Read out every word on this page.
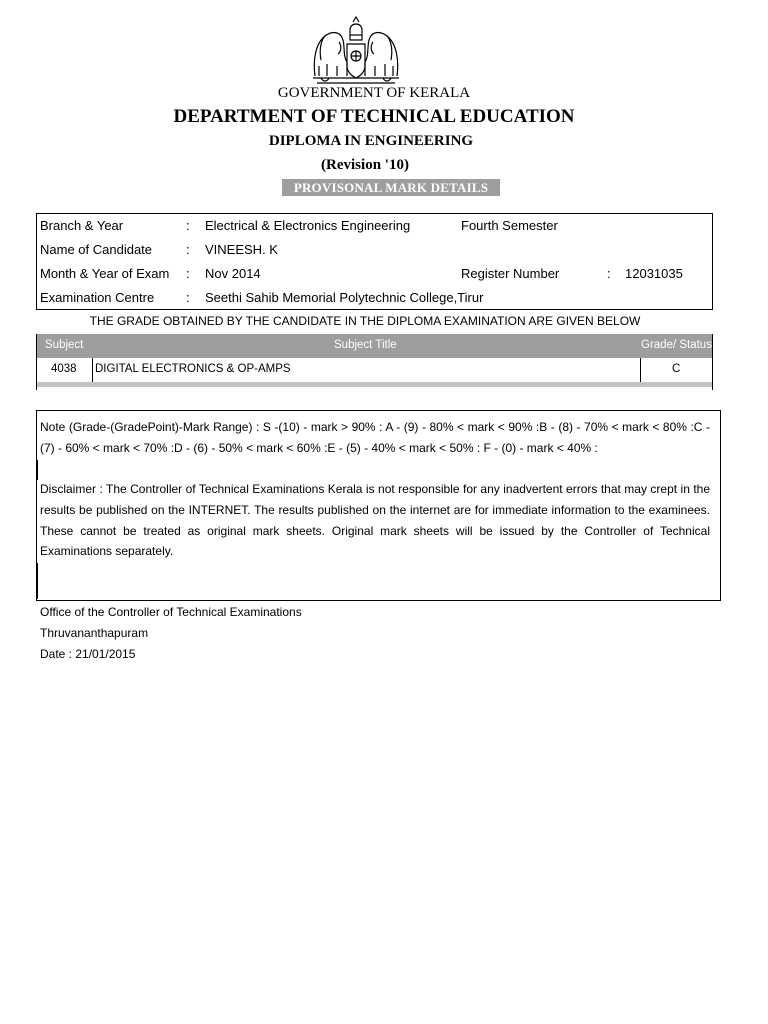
GOVERNMENT OF KERALA
DEPARTMENT OF TECHNICAL EDUCATION
DIPLOMA IN ENGINEERING
(Revision '10)
PROVISONAL MARK DETAILS
Branch & Year	: Electrical & Electronics Engineering	Fourth Semester
Name of Candidate	: VINEESH. K
Month & Year of Exam : Nov 2014	Register Number	: 12031035
Examination Centre : Seethi Sahib Memorial Polytechnic College,Tirur
THE GRADE OBTAINED BY THE CANDIDATE IN THE DIPLOMA EXAMINATION ARE GIVEN BELOW
Subject	Subject Title	Grade/ Status
4038 DIGITAL ELECTRONICS & OP-AMPS	C

Note (Grade-(GradePoint)-Mark Range) : S -(10) - mark > 90% : A - (9) - 80% < mark < 90% :B - (8) - 70% < mark < 80% :C - (7) - 60% < mark < 70% :D - (6) - 50% < mark < 60% :E - (5) - 40% < mark < 50% : F - (0) - mark < 40% :

Disclaimer : The Controller of Technical Examinations Kerala is not responsible for any inadvertent errors that may crept in the results be published on the INTERNET. The results published on the internet are for immediate information to the examinees. These cannot be treated as original mark sheets. Original mark sheets will be issued by the Controller of Technical Examinations separately.

Office of the Controller of Technical Examinations
Thruvananthapuram
Date : 21/01/2015
